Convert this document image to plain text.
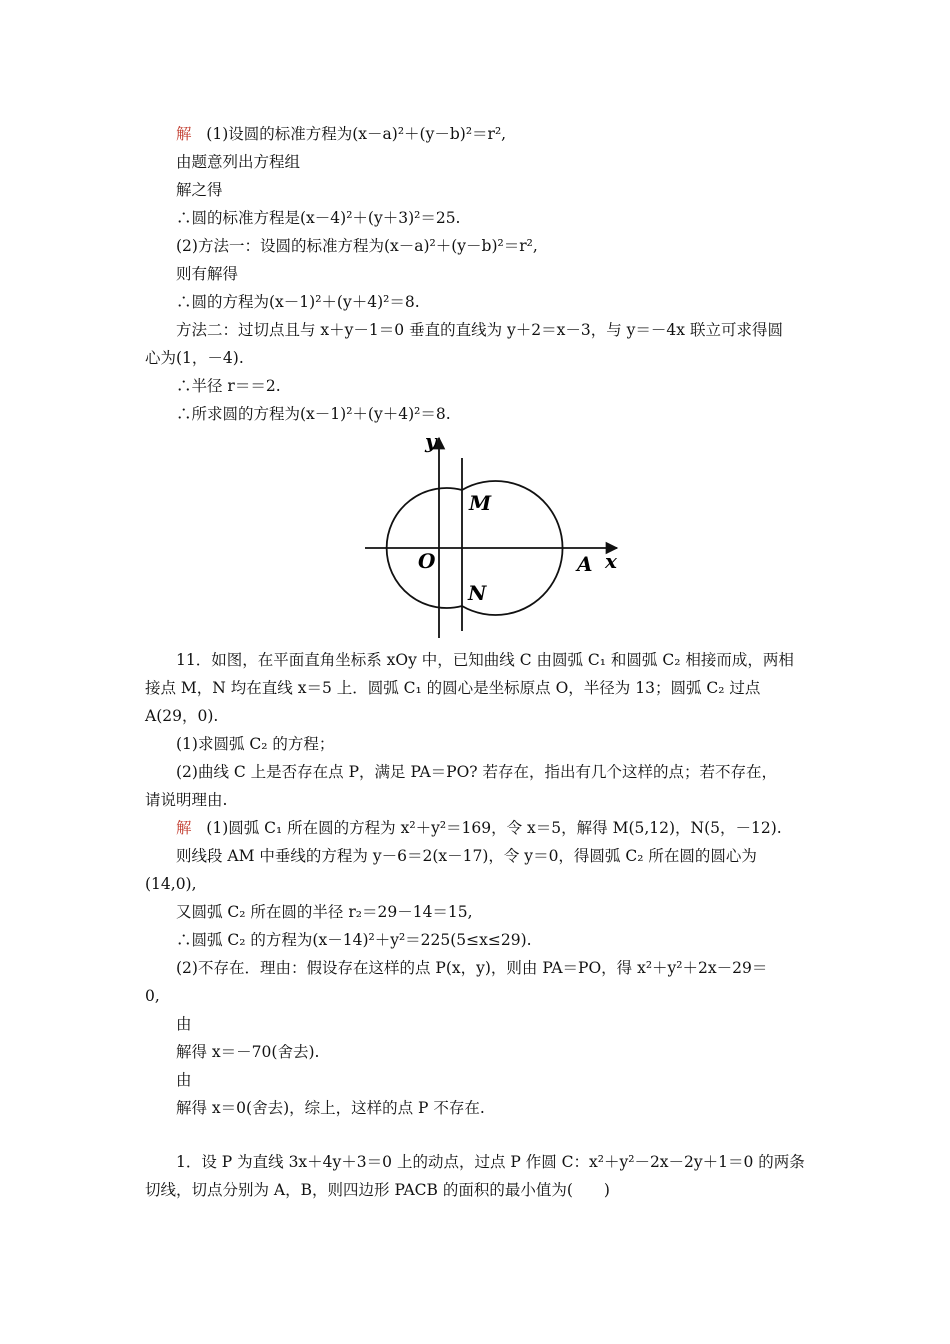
解 (1)设圆的标准方程为(x－a)²＋(y－b)²＝r²,
由题意列出方程组
解之得
∴圆的标准方程是(x－4)²＋(y＋3)²＝25.
(2)方法一：设圆的标准方程为(x－a)²＋(y－b)²＝r²,
则有解得
∴圆的方程为(x－1)²＋(y＋4)²＝8.
方法二：过切点且与 x＋y－1＝0 垂直的直线为 y＋2＝x－3，与 y＝－4x 联立可求得圆
心为(1，－4).
∴半径 r＝＝2.
∴所求圆的方程为(x－1)²＋(y＋4)²＝8.
y
x
O
M
N
A
11．如图，在平面直角坐标系 xOy 中，已知曲线 C 由圆弧 C₁ 和圆弧 C₂ 相接而成，两相
接点 M，N 均在直线 x＝5 上．圆弧 C₁ 的圆心是坐标原点 O，半径为 13；圆弧 C₂ 过点
A(29，0).
(1)求圆弧 C₂ 的方程；
(2)曲线 C 上是否存在点 P，满足 PA＝PO? 若存在，指出有几个这样的点；若不存在，
请说明理由.
解 (1)圆弧 C₁ 所在圆的方程为 x²＋y²＝169，令 x＝5，解得 M(5,12)，N(5，－12).
则线段 AM 中垂线的方程为 y－6＝2(x－17)，令 y＝0，得圆弧 C₂ 所在圆的圆心为
(14,0),
又圆弧 C₂ 所在圆的半径 r₂＝29－14＝15,
∴圆弧 C₂ 的方程为(x－14)²＋y²＝225(5≤x≤29).
(2)不存在．理由：假设存在这样的点 P(x，y)，则由 PA＝PO，得 x²＋y²＋2x－29＝
0,
由
解得 x＝－70(舍去).
由
解得 x＝0(舍去)，综上，这样的点 P 不存在.
1．设 P 为直线 3x＋4y＋3＝0 上的动点，过点 P 作圆 C：x²＋y²－2x－2y＋1＝0 的两条
切线，切点分别为 A，B，则四边形 PACB 的面积的最小值为(　　)
